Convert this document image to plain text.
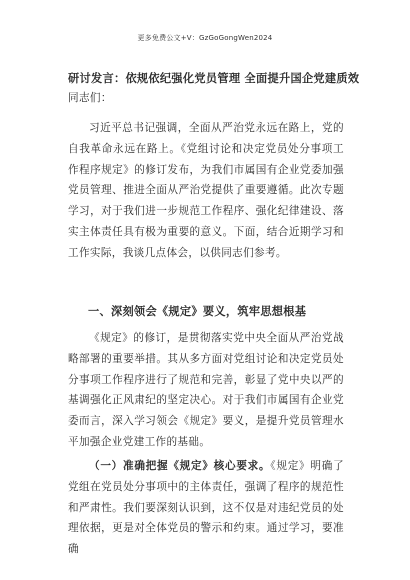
更多免费公文+V：GzGoGongWen2024
研讨发言：依规依纪强化党员管理 全面提升国企党建质效
同志们：
习近平总书记强调，全面从严治党永远在路上，党的自我革命永远在路上。《党组讨论和决定党员处分事项工作程序规定》的修订发布，为我们市属国有企业党委加强党员管理、推进全面从严治党提供了重要遵循。此次专题学习，对于我们进一步规范工作程序、强化纪律建设、落实主体责任具有极为重要的意义。下面，结合近期学习和工作实际，我谈几点体会，以供同志们参考。
一、深刻领会《规定》要义，筑牢思想根基
《规定》的修订，是贯彻落实党中央全面从严治党战略部署的重要举措。其从多方面对党组讨论和决定党员处分事项工作程序进行了规范和完善，彰显了党中央以严的基调强化正风肃纪的坚定决心。对于我们市属国有企业党委而言，深入学习领会《规定》要义，是提升党员管理水平加强企业党建工作的基础。
（一）准确把握《规定》核心要求。《规定》明确了党组在党员处分事项中的主体责任，强调了程序的规范性和严肃性。我们要深刻认识到，这不仅是对违纪党员的处理依据，更是对全体党员的警示和约束。通过学习，要准确
